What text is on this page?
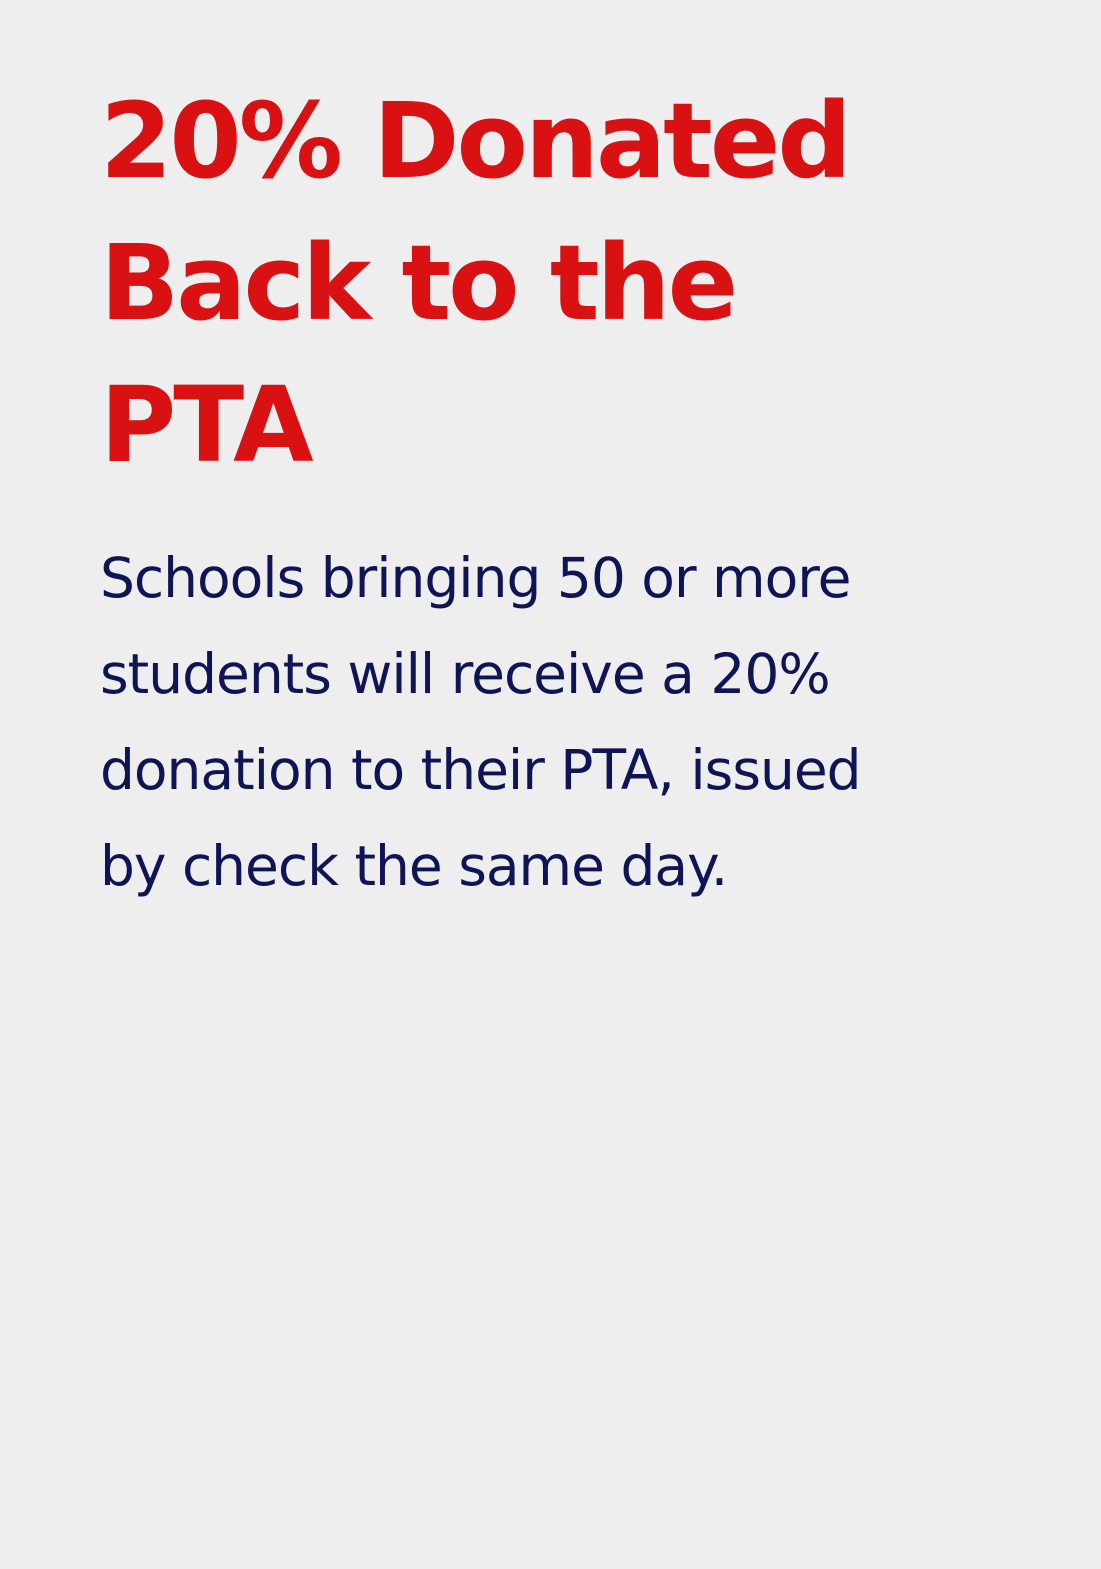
20% Donated
Back to the
PTA

Schools bringing 50 or more
students will receive a 20%
donation to their PTA, issued
by check the same day.
